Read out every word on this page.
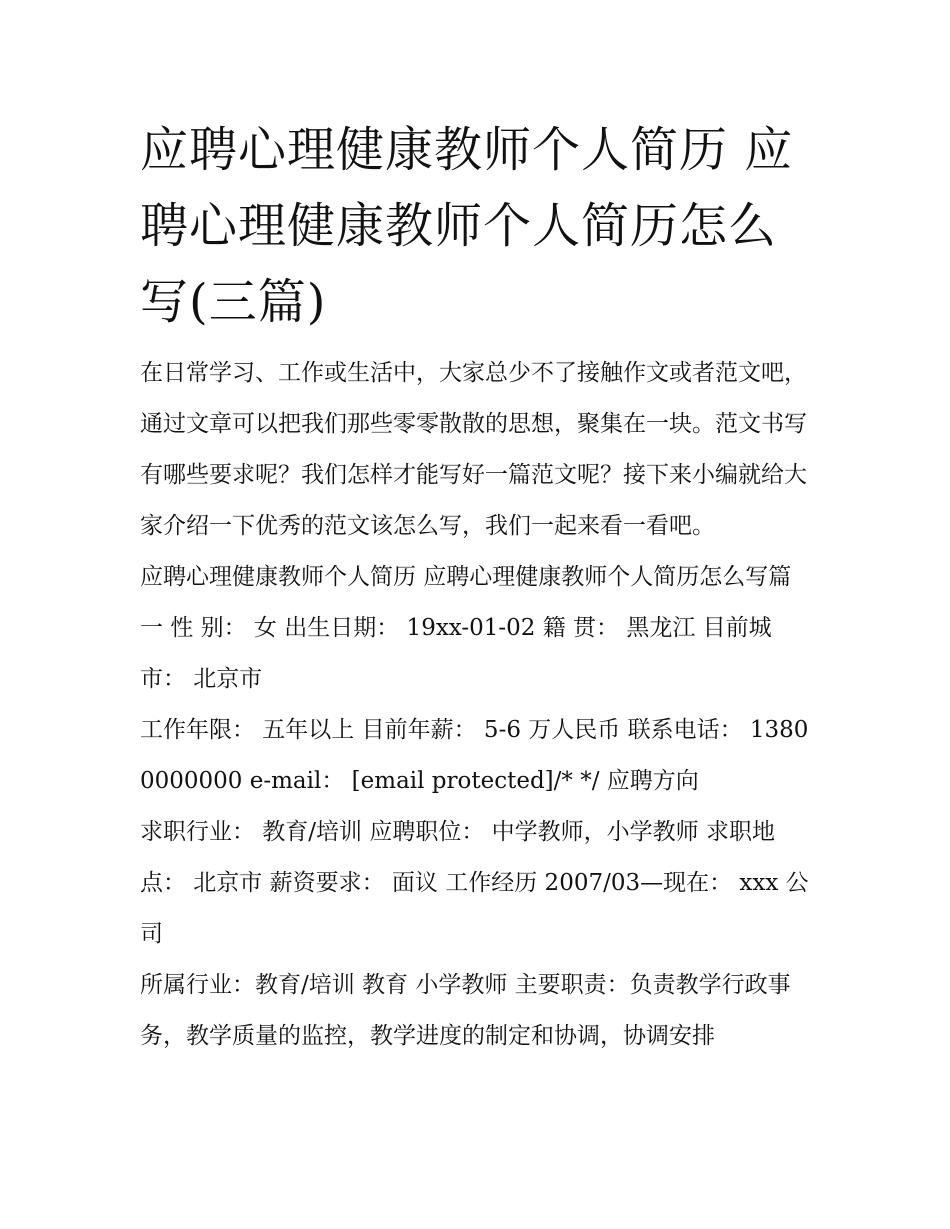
应聘心理健康教师个人简历 应聘心理健康教师个人简历怎么写(三篇)

在日常学习、工作或生活中，大家总少不了接触作文或者范文吧，通过文章可以把我们那些零零散散的思想，聚集在一块。范文书写有哪些要求呢？我们怎样才能写好一篇范文呢？接下来小编就给大家介绍一下优秀的范文该怎么写，我们一起来看一看吧。

应聘心理健康教师个人简历 应聘心理健康教师个人简历怎么写篇一 性 别： 女 出生日期： 19xx-01-02 籍 贯： 黑龙江 目前城市： 北京市

工作年限： 五年以上 目前年薪： 5-6 万人民币 联系电话： 13800000000 e-mail： [email protected]/* */ 应聘方向

求职行业： 教育/培训 应聘职位： 中学教师，小学教师 求职地点： 北京市 薪资要求： 面议 工作经历 2007/03—现在： xxx 公司

所属行业：教育/培训 教育 小学教师 主要职责：负责教学行政事务，教学质量的监控，教学进度的制定和协调，协调安排
